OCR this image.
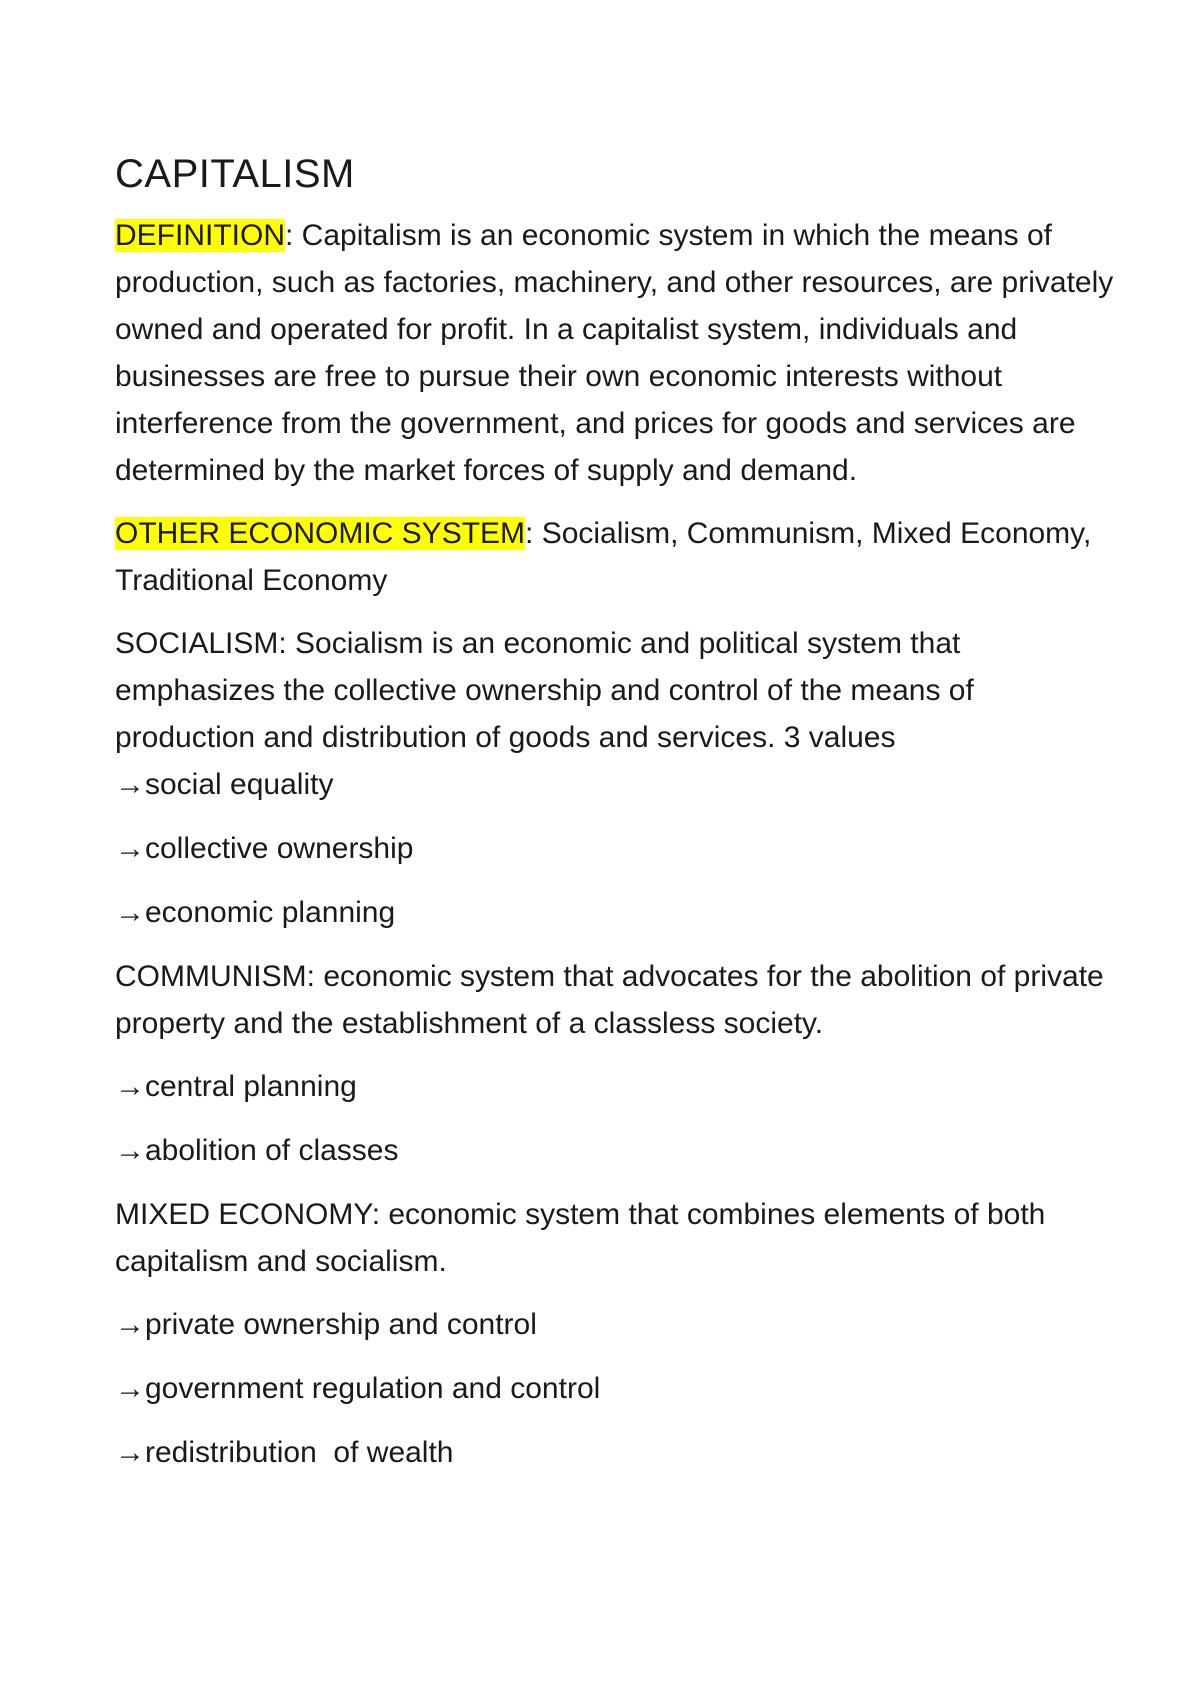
CAPITALISM

DEFINITION: Capitalism is an economic system in which the means of production, such as factories, machinery, and other resources, are privately owned and operated for profit. In a capitalist system, individuals and businesses are free to pursue their own economic interests without interference from the government, and prices for goods and services are determined by the market forces of supply and demand.

OTHER ECONOMIC SYSTEM: Socialism, Communism, Mixed Economy, Traditional Economy

SOCIALISM: Socialism is an economic and political system that emphasizes the collective ownership and control of the means of production and distribution of goods and services. 3 values

→social equality
→collective ownership
→economic planning

COMMUNISM: economic system that advocates for the abolition of private property and the establishment of a classless society.

→central planning
→abolition of classes

MIXED ECONOMY: economic system that combines elements of both capitalism and socialism.

→private ownership and control
→government regulation and control
→redistribution  of wealth
